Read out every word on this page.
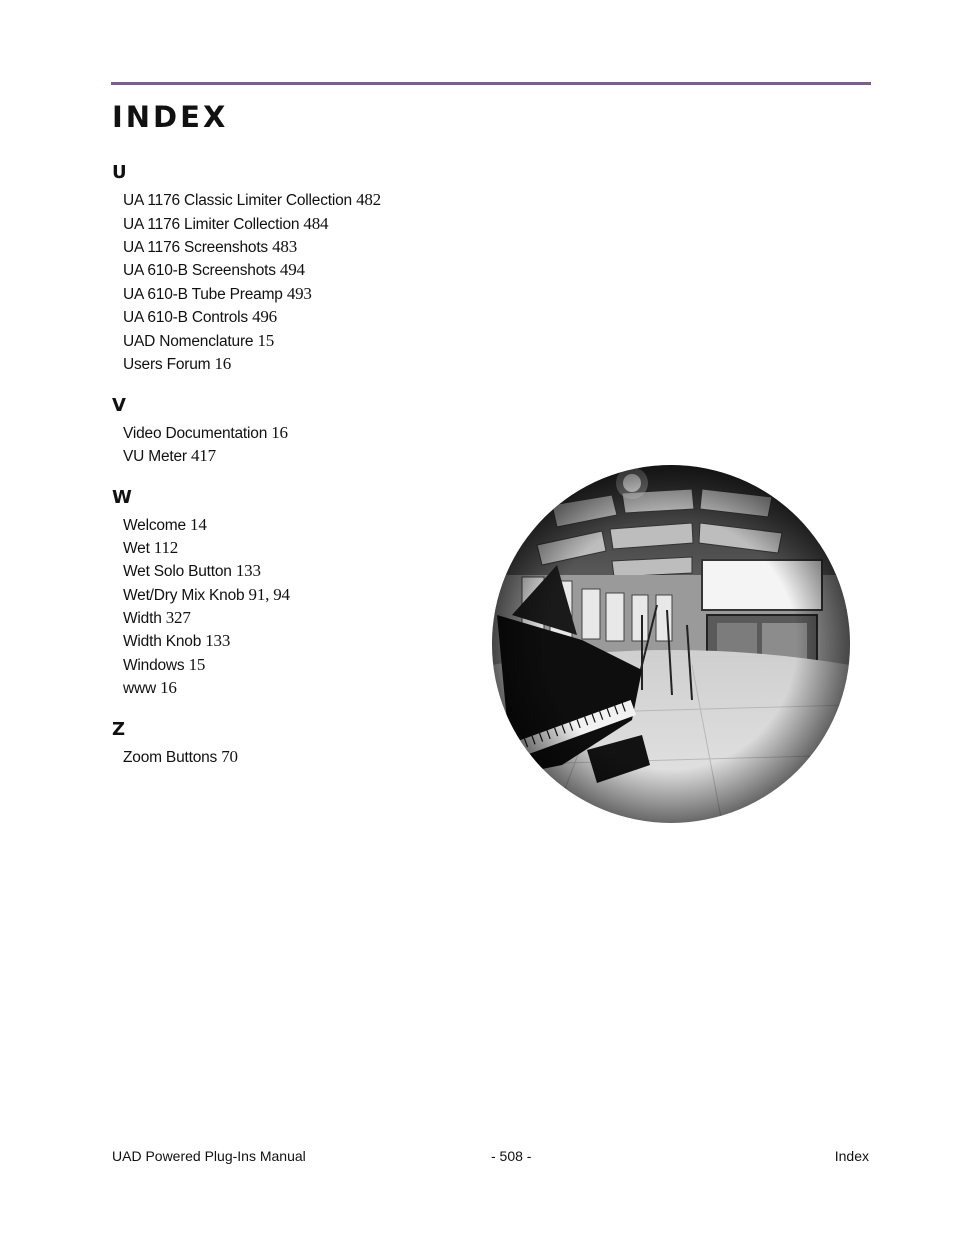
INDEX
U
UA 1176 Classic Limiter Collection 482
UA 1176 Limiter Collection 484
UA 1176 Screenshots 483
UA 610-B Screenshots 494
UA 610-B Tube Preamp 493
UA 610-B Controls 496
UAD Nomenclature 15
Users Forum 16
V
Video Documentation 16
VU Meter 417
W
Welcome 14
Wet 112
Wet Solo Button 133
Wet/Dry Mix Knob 91, 94
Width 327
Width Knob 133
Windows 15
www 16
Z
Zoom Buttons 70
UAD Powered Plug-Ins Manual	- 508 -	Index
